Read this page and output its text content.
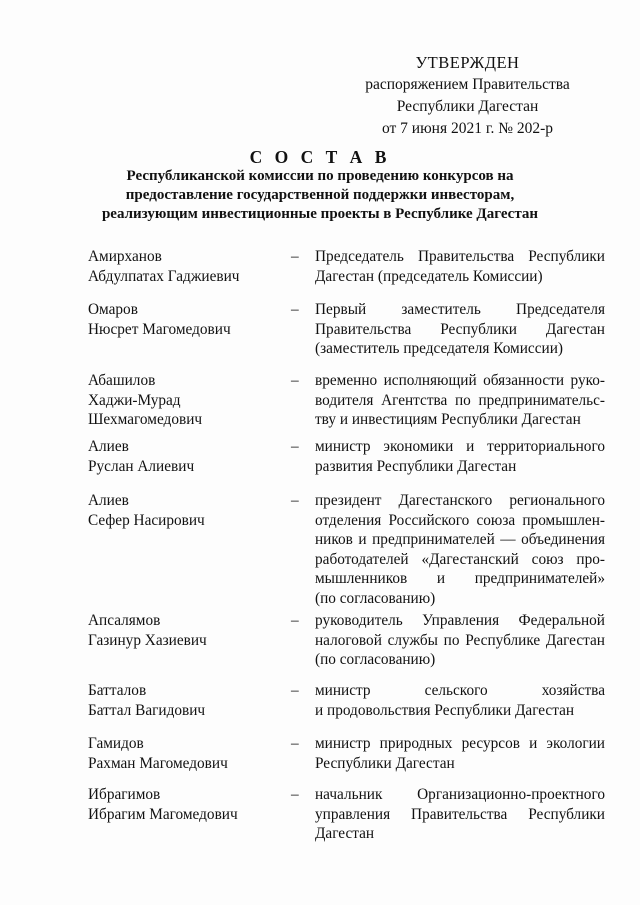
УТВЕРЖДЕН
распоряжением Правительства
Республики Дагестан
от 7 июня 2021 г. № 202-р
С О С Т А В
Республиканской комиссии по проведению конкурсов на
предоставление государственной поддержки инвесторам,
реализующим инвестиционные проекты в Республике Дагестан
Амирханов
Абдулпатах Гаджиевич
– Председатель Правительства Республики
Дагестан (председатель Комиссии)
Омаров
Нюсрет Магомедович
– Первый заместитель Председателя
Правительства Республики Дагестан
(заместитель председателя Комиссии)
Абашилов
Хаджи-Мурад
Шехмагомедович
– временно исполняющий обязанности руко-
водителя Агентства по предпринимательс-
тву и инвестициям Республики Дагестан
Алиев
Руслан Алиевич
– министр экономики и территориального
развития Республики Дагестан
Алиев
Сефер Насирович
– президент Дагестанского регионального
отделения Российского союза промышлен-
ников и предпринимателей — объединения
работодателей «Дагестанский союз про-
мышленников и предпринимателей»
(по согласованию)
Апсалямов
Газинур Хазиевич
– руководитель Управления Федеральной
налоговой службы по Республике Дагестан
(по согласованию)
Батталов
Баттал Вагидович
– министр сельского хозяйства
и продовольствия Республики Дагестан
Гамидов
Рахман Магомедович
– министр природных ресурсов и экологии
Республики Дагестан
Ибрагимов
Ибрагим Магомедович
– начальник Организационно-проектного
управления Правительства Республики
Дагестан
